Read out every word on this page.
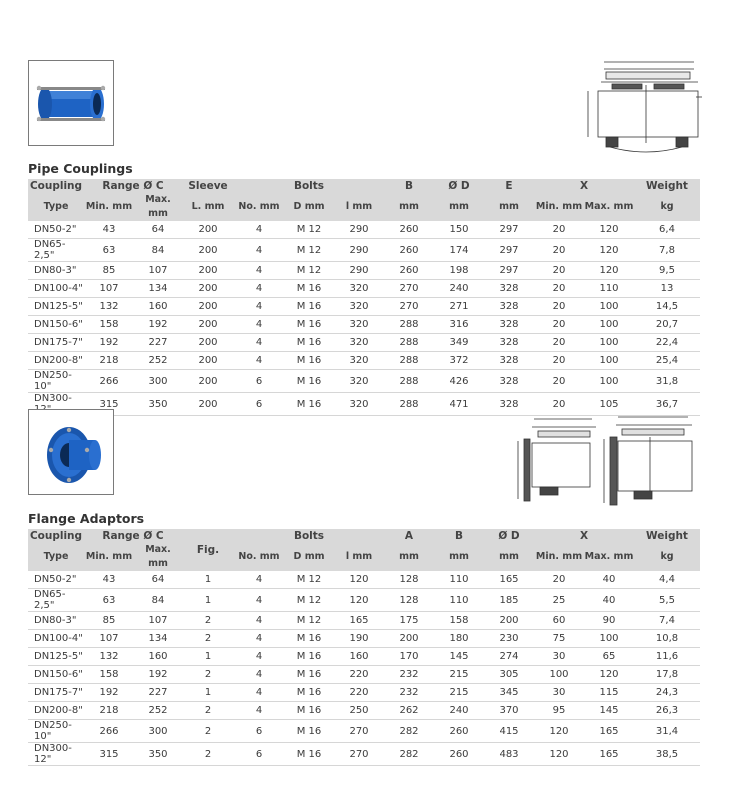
Pipe Couplings
Coupling	Range Ø C		Sleeve	Bolts			B	Ø D	E	X		Weight
Type	Min. mm	Max. mm	L. mm	No. mm	D mm	l mm	mm	mm	mm	Min. mm	Max. mm	kg
DN50-2"	43	64	200	4	M 12	290	260	150	297	20	120	6,4
DN65-2,5"	63	84	200	4	M 12	290	260	174	297	20	120	7,8
DN80-3"	85	107	200	4	M 12	290	260	198	297	20	120	9,5
DN100-4"	107	134	200	4	M 16	320	270	240	328	20	110	13
DN125-5"	132	160	200	4	M 16	320	270	271	328	20	100	14,5
DN150-6"	158	192	200	4	M 16	320	288	316	328	20	100	20,7
DN175-7"	192	227	200	4	M 16	320	288	349	328	20	100	22,4
DN200-8"	218	252	200	4	M 16	320	288	372	328	20	100	25,4
DN250-10"	266	300	200	6	M 16	320	288	426	328	20	100	31,8
DN300-	315	350	200	6	M 16	320	288	471	328	20	105	36,7
Flange Adaptors
Coupling	Range Ø C		Fig.	Bolts			A	B	Ø D	X		Weight
Type	Min. mm	Max. mm		No. mm	D mm	l mm	mm	mm	mm	Min. mm	Max. mm	kg
DN50-2"	43	64	1	4	M 12	120	128	110	165	20	40	4,4
DN65-2,5"	63	84	1	4	M 12	120	128	110	185	25	40	5,5
DN80-3"	85	107	2	4	M 12	165	175	158	200	60	90	7,4
DN100-4"	107	134	2	4	M 16	190	200	180	230	75	100	10,8
DN125-5"	132	160	1	4	M 16	160	170	145	274	30	65	11,6
DN150-6"	158	192	2	4	M 16	220	232	215	305	100	120	17,8
DN175-7"	192	227	1	4	M 16	220	232	215	345	30	115	24,3
DN200-8"	218	252	2	4	M 16	250	262	240	370	95	145	26,3
DN250-10"	266	300	2	6	M 16	270	282	260	415	120	165	31,4
DN300-12"	315	350	2	6	M 16	270	282	260	483	120	165	38,5
